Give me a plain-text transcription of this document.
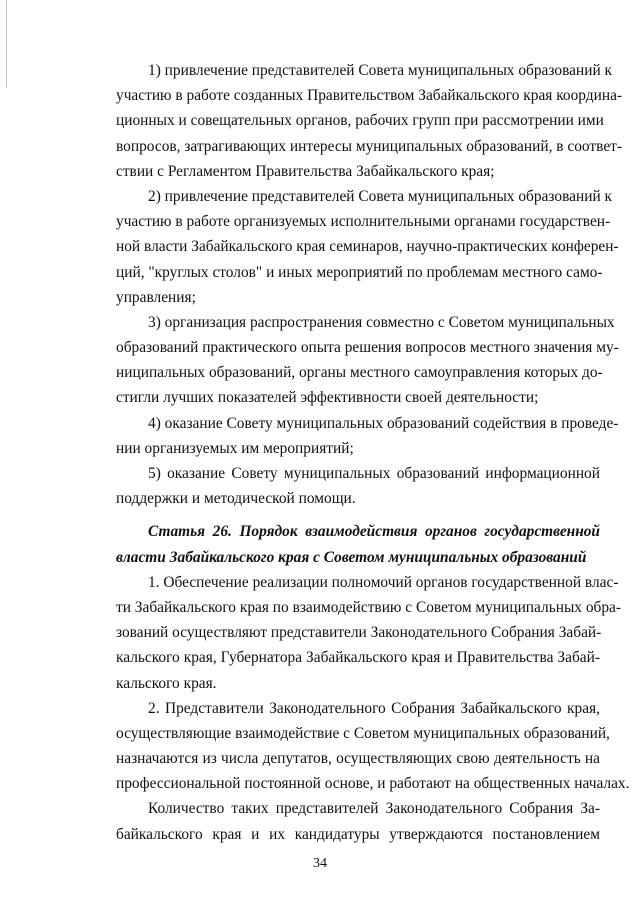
1) привлечение представителей Совета муниципальных образований к
участию в работе созданных Правительством Забайкальского края координа-
ционных и совещательных органов, рабочих групп при рассмотрении ими
вопросов, затрагивающих интересы муниципальных образований, в соответ-
ствии с Регламентом Правительства Забайкальского края;
2) привлечение представителей Совета муниципальных образований к
участию в работе организуемых исполнительными органами государствен-
ной власти Забайкальского края семинаров, научно-практических конферен-
ций, "круглых столов" и иных мероприятий по проблемам местного само-
управления;
3) организация распространения совместно с Советом муниципальных
образований практического опыта решения вопросов местного значения му-
ниципальных образований, органы местного самоуправления которых до-
стигли лучших показателей эффективности своей деятельности;
4) оказание Совету муниципальных образований содействия в проведе-
нии организуемых им мероприятий;
5) оказание Совету муниципальных образований информационной
поддержки и методической помощи.
Статья 26. Порядок взаимодействия органов государственной
власти Забайкальского края с Советом муниципальных образований
1. Обеспечение реализации полномочий органов государственной влас-
ти Забайкальского края по взаимодействию с Советом муниципальных обра-
зований осуществляют представители Законодательного Собрания Забай-
кальского края, Губернатора Забайкальского края и Правительства Забай-
кальского края.
2. Представители Законодательного Собрания Забайкальского края,
осуществляющие взаимодействие с Советом муниципальных образований,
назначаются из числа депутатов, осуществляющих свою деятельность на
профессиональной постоянной основе, и работают на общественных началах.
Количество таких представителей Законодательного Собрания За-
байкальского края и их кандидатуры утверждаются постановлением
34
